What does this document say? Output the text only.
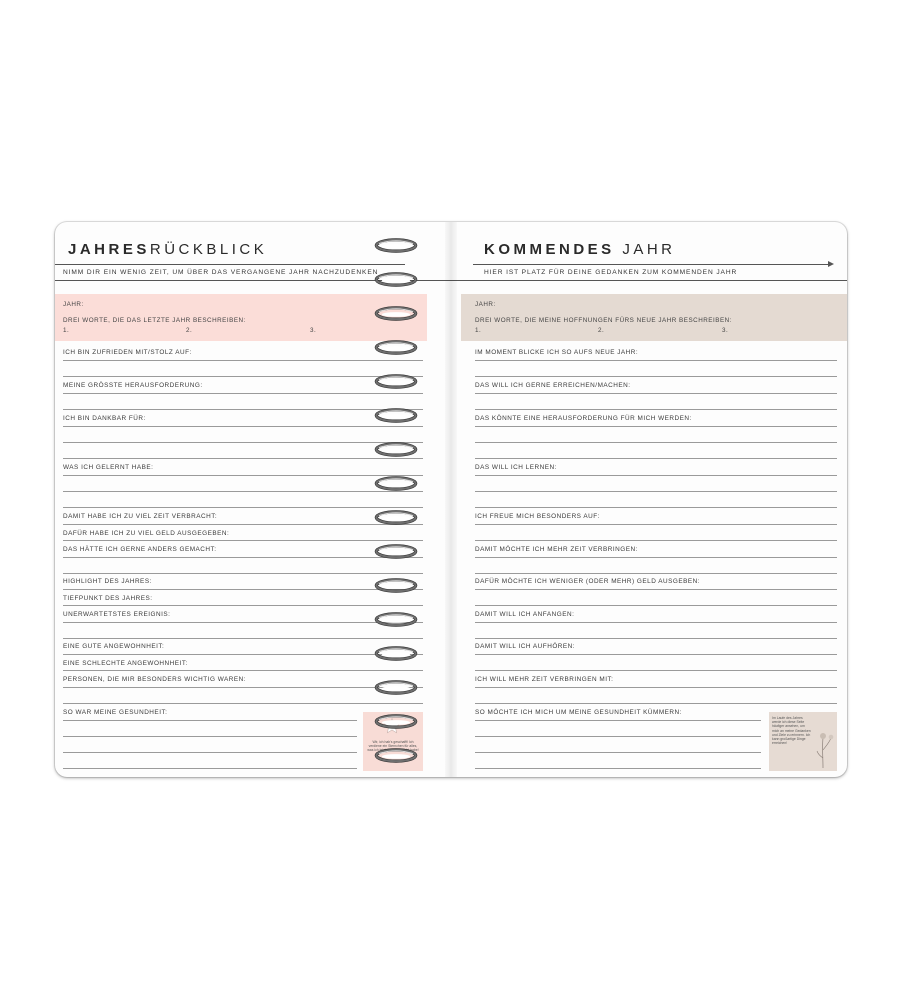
JAHRESRÜCKBLICK
NIMM DIR EIN WENIG ZEIT, UM ÜBER DAS VERGANGENE JAHR NACHZUDENKEN
JAHR:
DREI WORTE, DIE DAS LETZTE JAHR BESCHREIBEN:
1.	2.	3.
ICH BIN ZUFRIEDEN MIT/STOLZ AUF:
MEINE GRÖSSTE HERAUSFORDERUNG:
ICH BIN DANKBAR FÜR:
WAS ICH GELERNT HABE:
DAMIT HABE ICH ZU VIEL ZEIT VERBRACHT:
DAFÜR HABE ICH ZU VIEL GELD AUSGEGEBEN:
DAS HÄTTE ICH GERNE ANDERS GEMACHT:
HIGHLIGHT DES JAHRES:
TIEFPUNKT DES JAHRES:
UNERWARTETSTES EREIGNIS:
EINE GUTE ANGEWOHNHEIT:
EINE SCHLECHTE ANGEWOHNHEIT:
PERSONEN, DIE MIR BESONDERS WICHTIG WAREN:
SO WAR MEINE GESUNDHEIT:
Wir, ich hab's geschafft! Ich verdiene ein Sternchen für alles, was ich letztes Jahr erreicht habe!
KOMMENDES JAHR
HIER IST PLATZ FÜR DEINE GEDANKEN ZUM KOMMENDEN JAHR
JAHR:
DREI WORTE, DIE MEINE HOFFNUNGEN FÜRS NEUE JAHR BESCHREIBEN:
1.	2.	3.
IM MOMENT BLICKE ICH SO AUFS NEUE JAHR:
DAS WILL ICH GERNE ERREICHEN/MACHEN:
DAS KÖNNTE EINE HERAUSFORDERUNG FÜR MICH WERDEN:
DAS WILL ICH LERNEN:
ICH FREUE MICH BESONDERS AUF:
DAMIT MÖCHTE ICH MEHR ZEIT VERBRINGEN:
DAFÜR MÖCHTE ICH WENIGER (ODER MEHR) GELD AUSGEBEN:
DAMIT WILL ICH ANFANGEN:
DAMIT WILL ICH AUFHÖREN:
ICH WILL MEHR ZEIT VERBRINGEN MIT:
SO MÖCHTE ICH MICH UM MEINE GESUNDHEIT KÜMMERN:
Im Laufe des Jahres werde ich diese Seite häufiger ansehen, um mich an meine Gedanken und Ziele zu erinnern. Ich kann großartige Dinge erreichen!
